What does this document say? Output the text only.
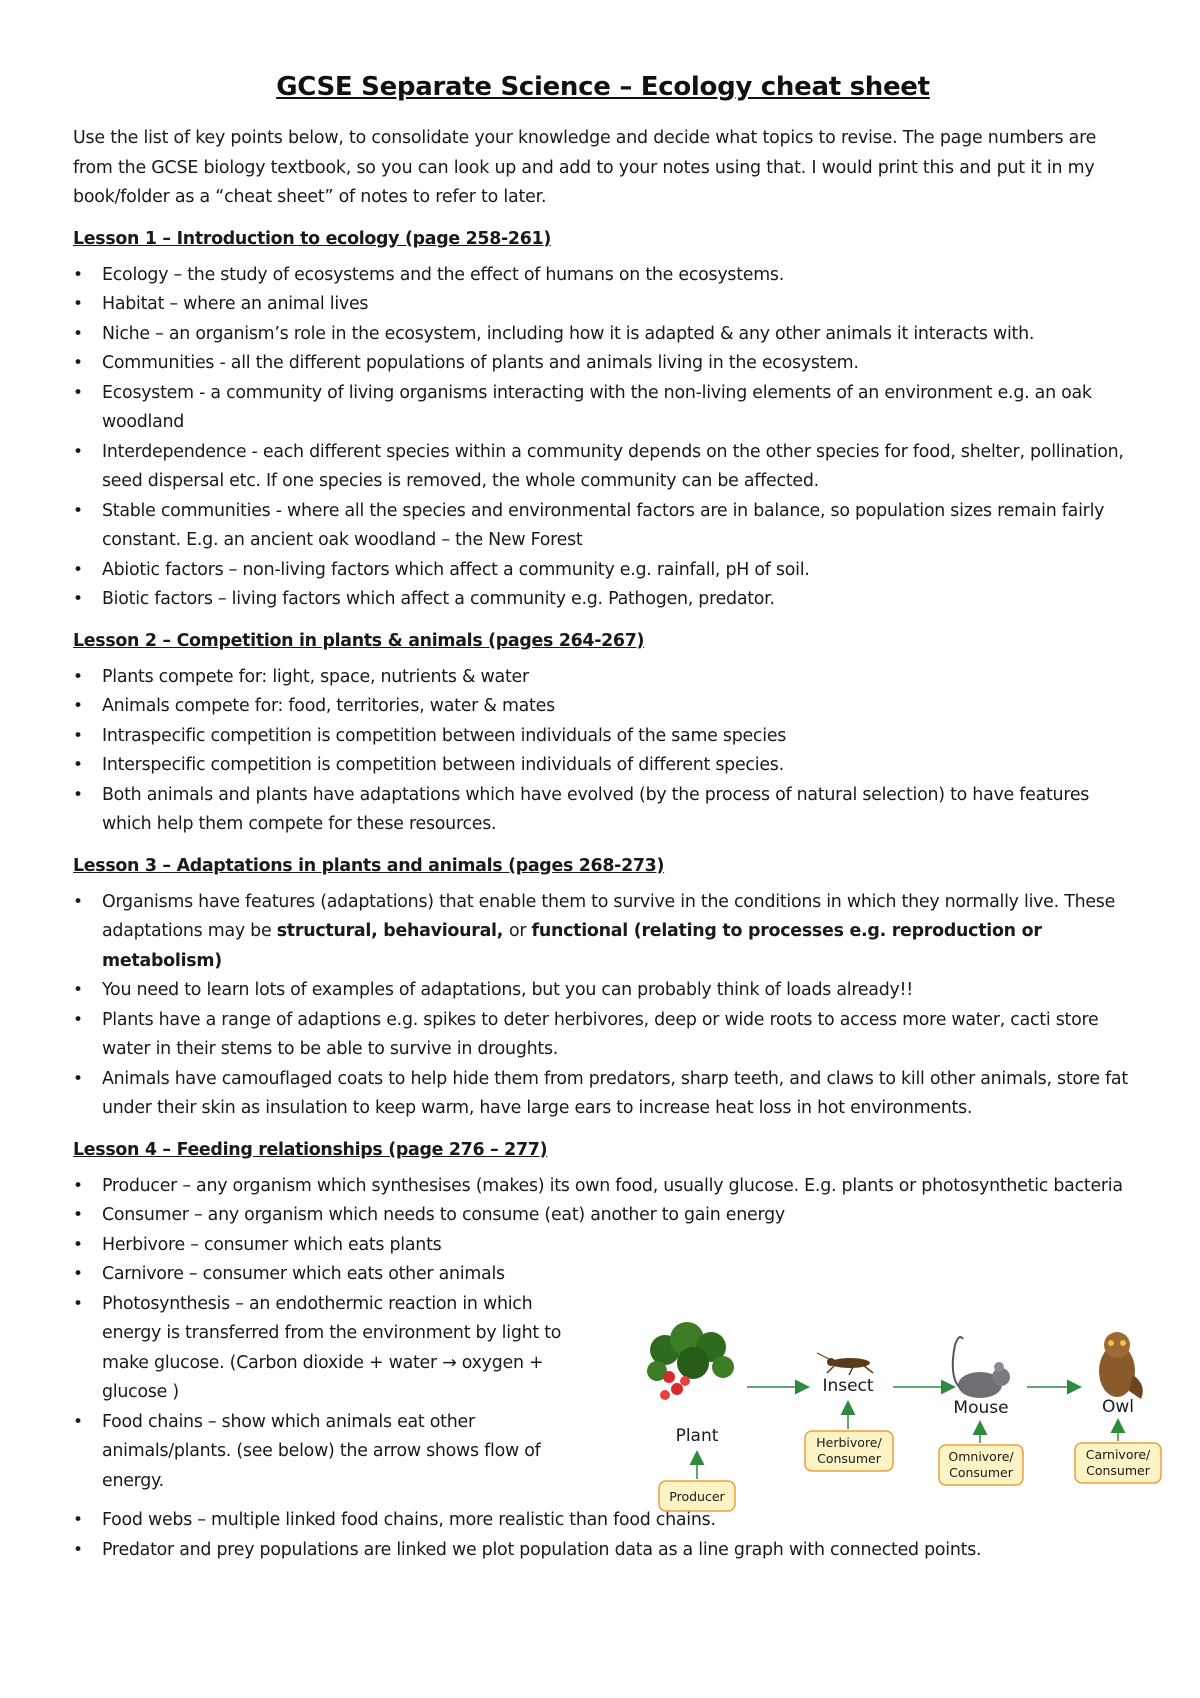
GCSE Separate Science – Ecology cheat sheet

Use the list of key points below, to consolidate your knowledge and decide what topics to revise. The page numbers are from the GCSE biology textbook, so you can look up and add to your notes using that. I would print this and put it in my book/folder as a “cheat sheet” of notes to refer to later.

Lesson 1 – Introduction to ecology (page 258-261)
• Ecology – the study of ecosystems and the effect of humans on the ecosystems.
• Habitat – where an animal lives
• Niche – an organism’s role in the ecosystem, including how it is adapted & any other animals it interacts with.
• Communities - all the different populations of plants and animals living in the ecosystem.
• Ecosystem - a community of living organisms interacting with the non-living elements of an environment e.g. an oak woodland
• Interdependence - each different species within a community depends on the other species for food, shelter, pollination, seed dispersal etc. If one species is removed, the whole community can be affected.
• Stable communities - where all the species and environmental factors are in balance, so population sizes remain fairly constant. E.g. an ancient oak woodland – the New Forest
• Abiotic factors – non-living factors which affect a community e.g. rainfall, pH of soil.
• Biotic factors – living factors which affect a community e.g. Pathogen, predator.
Lesson 2 – Competition in plants & animals (pages 264-267)
• Plants compete for: light, space, nutrients & water
• Animals compete for: food, territories, water & mates
• Intraspecific competition is competition between individuals of the same species
• Interspecific competition is competition between individuals of different species.
• Both animals and plants have adaptations which have evolved (by the process of natural selection) to have features which help them compete for these resources.
Lesson 3 – Adaptations in plants and animals (pages 268-273)
• Organisms have features (adaptations) that enable them to survive in the conditions in which they normally live. These adaptations may be structural, behavioural, or functional (relating to processes e.g. reproduction or metabolism)
• You need to learn lots of examples of adaptations, but you can probably think of loads already!!
• Plants have a range of adaptions e.g. spikes to deter herbivores, deep or wide roots to access more water, cacti store water in their stems to be able to survive in droughts.
• Animals have camouflaged coats to help hide them from predators, sharp teeth, and claws to kill other animals, store fat under their skin as insulation to keep warm, have large ears to increase heat loss in hot environments.
Lesson 4 – Feeding relationships (page 276 – 277)
• Producer – any organism which synthesises (makes) its own food, usually glucose. E.g. plants or photosynthetic bacteria
• Consumer – any organism which needs to consume (eat) another to gain energy
• Herbivore – consumer which eats plants
• Carnivore – consumer which eats other animals
• Photosynthesis – an endothermic reaction in which energy is transferred from the environment by light to make glucose. (Carbon dioxide + water → oxygen + glucose )
• Food chains – show which animals eat other animals/plants. (see below) the arrow shows flow of energy.
• Food webs – multiple linked food chains, more realistic than food chains.
• Predator and prey populations are linked we plot population data as a line graph with connected points.
Plant
Producer
Insect
Herbivore/
Consumer
Mouse
Omnivore/
Consumer
Owl
Carnivore/
Consumer
